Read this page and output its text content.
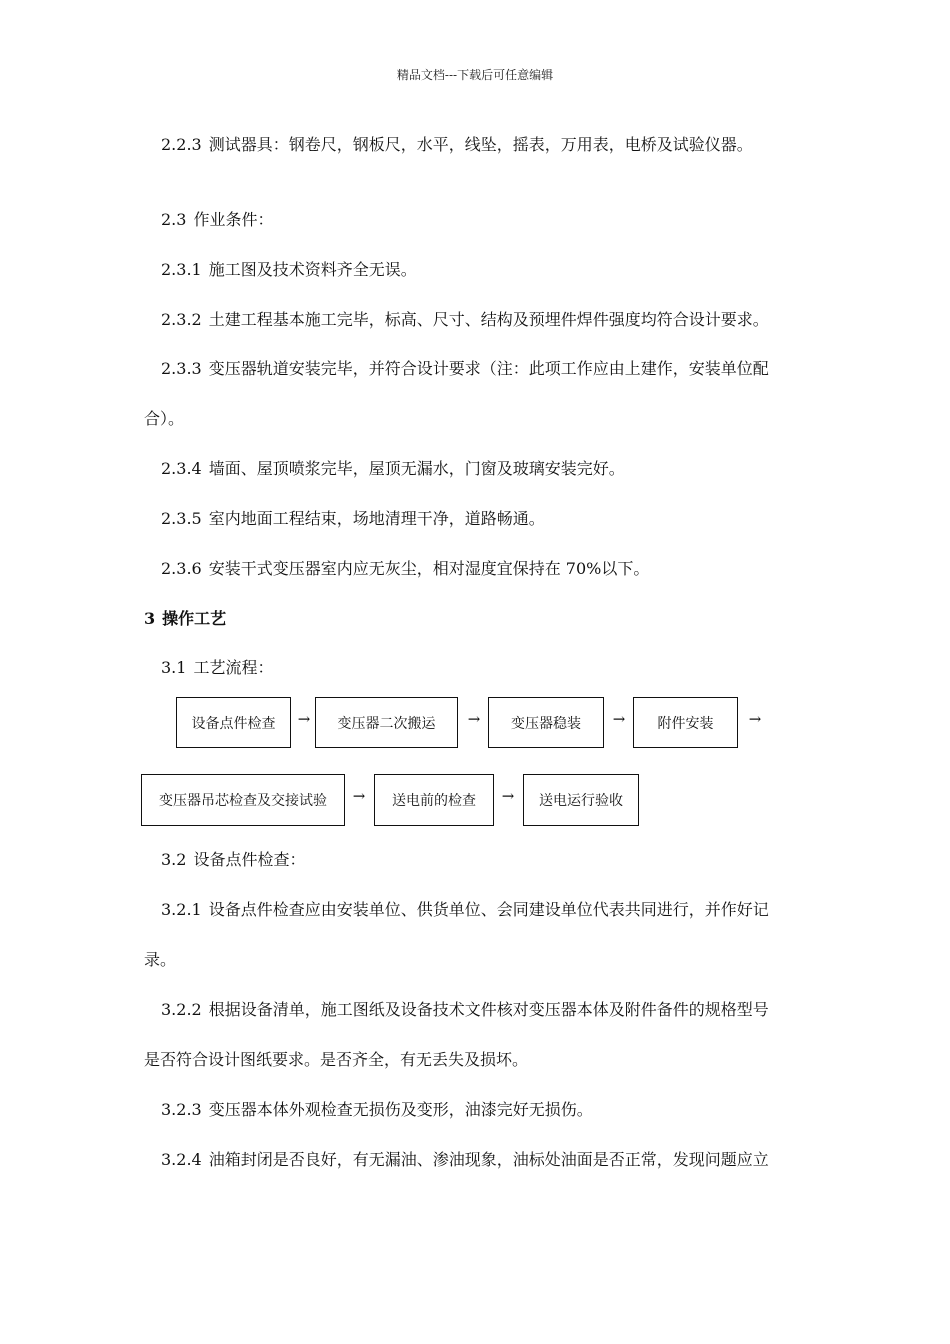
精品文档---下载后可任意编辑
2.2.3 测试器具：钢卷尺，钢板尺，水平，线坠，摇表，万用表，电桥及试验仪器。
2.3 作业条件：
2.3.1 施工图及技术资料齐全无误。
2.3.2 土建工程基本施工完毕，标高、尺寸、结构及预埋件焊件强度均符合设计要求。
2.3.3 变压器轨道安装完毕，并符合设计要求（注：此项工作应由上建作，安装单位配
合）。
2.3.4 墙面、屋顶喷浆完毕，屋顶无漏水，门窗及玻璃安装完好。
2.3.5 室内地面工程结束，场地清理干净，道路畅通。
2.3.6 安装干式变压器室内应无灰尘，相对湿度宜保持在 70%以下。
3 操作工艺
3.1 工艺流程：
设备点件检查	→	变压器二次搬运	→	变压器稳装	→	附件安装	→
变压器吊芯检查及交接试验	→	送电前的检查	→	送电运行验收
3.2 设备点件检查：
3.2.1 设备点件检查应由安装单位、供货单位、会同建设单位代表共同进行，并作好记
录。
3.2.2 根据设备清单，施工图纸及设备技术文件核对变压器本体及附件备件的规格型号
是否符合设计图纸要求。是否齐全，有无丢失及损坏。
3.2.3 变压器本体外观检查无损伤及变形，油漆完好无损伤。
3.2.4 油箱封闭是否良好，有无漏油、渗油现象，油标处油面是否正常，发现问题应立
